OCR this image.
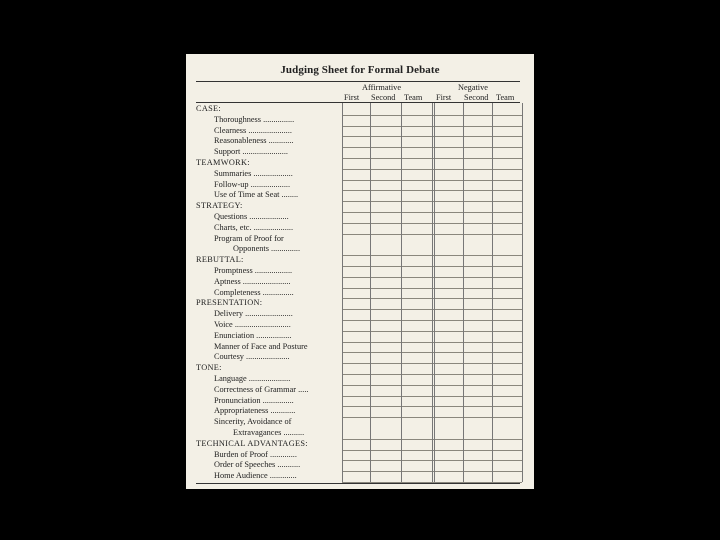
Judging Sheet for Formal Debate
Affirmative	Negative
First Second Team First Second Team
CASE:
Thoroughness ...............
Clearness .....................
Reasonableness ............
Support ......................
TEAMWORK:
Summaries ...................
Follow-up ...................
Use of Time at Seat ........
STRATEGY:
Questions ...................
Charts, etc. ...................
Program of Proof for
Opponents ..............
REBUTTAL:
Promptness ..................
Aptness .......................
Completeness ...............
PRESENTATION:
Delivery .......................
Voice ...........................
Enunciation .................
Manner of Face and Posture
Courtesy .....................
TONE:
Language ....................
Correctness of Grammar .....
Pronunciation ...............
Appropriateness ............
Sincerity, Avoidance of
Extravagances ..........
TECHNICAL ADVANTAGES:
Burden of Proof .............
Order of Speeches ...........
Home Audience .............
